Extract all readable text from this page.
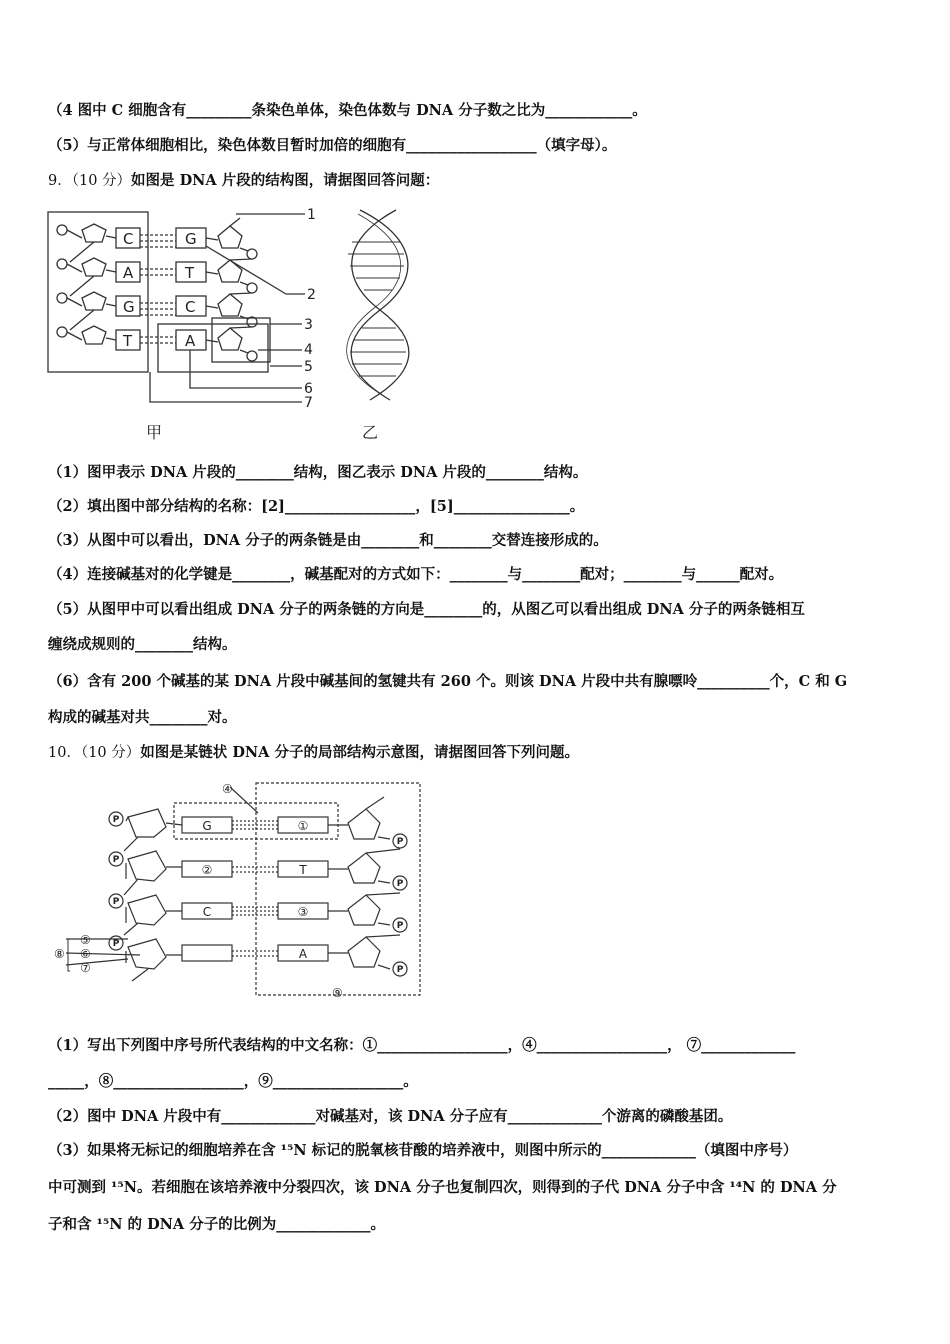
（4 图中 C 细胞含有_________条染色单体，染色体数与 DNA 分子数之比为____________。
（5）与正常体细胞相比，染色体数目暂时加倍的细胞有__________________（填字母）。
9．（10 分）如图是 DNA 片段的结构图，请据图回答问题：
C
A
G
T
G
T
C
A
1
2
3
4
5
6
7
甲	乙
（1）图甲表示 DNA 片段的________结构，图乙表示 DNA 片段的________结构。
（2）填出图中部分结构的名称：[2]__________________，[5]________________。
（3）从图中可以看出，DNA 分子的两条链是由________和________交替连接形成的。
（4）连接碱基对的化学键是________，碱基配对的方式如下：________与________配对；________与______配对。
（5）从图甲中可以看出组成 DNA 分子的两条链的方向是________的，从图乙可以看出组成 DNA 分子的两条链相互
缠绕成规则的________结构。
（6）含有 200 个碱基的某 DNA 片段中碱基间的氢键共有 260 个。则该 DNA 片段中共有腺嘌呤__________个，C 和 G
构成的碱基对共________对。
10．（10 分）如图是某链状 DNA 分子的局部结构示意图，请据图回答下列问题。
P
P
P
P
P
P
P
P
G
②
C
①
T
③
A
④
⑤
⑥
⑦
⑧
⑨
（1）写出下列图中序号所代表结构的中文名称：①__________________，④__________________， ⑦_____________
_____，⑧__________________，⑨__________________。
（2）图中 DNA 片段中有_____________对碱基对，该 DNA 分子应有_____________个游离的磷酸基团。
（3）如果将无标记的细胞培养在含 ¹⁵N 标记的脱氧核苷酸的培养液中，则图中所示的_____________（填图中序号）
中可测到 ¹⁵N。若细胞在该培养液中分裂四次，该 DNA 分子也复制四次，则得到的子代 DNA 分子中含 ¹⁴N 的 DNA 分
子和含 ¹⁵N 的 DNA 分子的比例为_____________。
